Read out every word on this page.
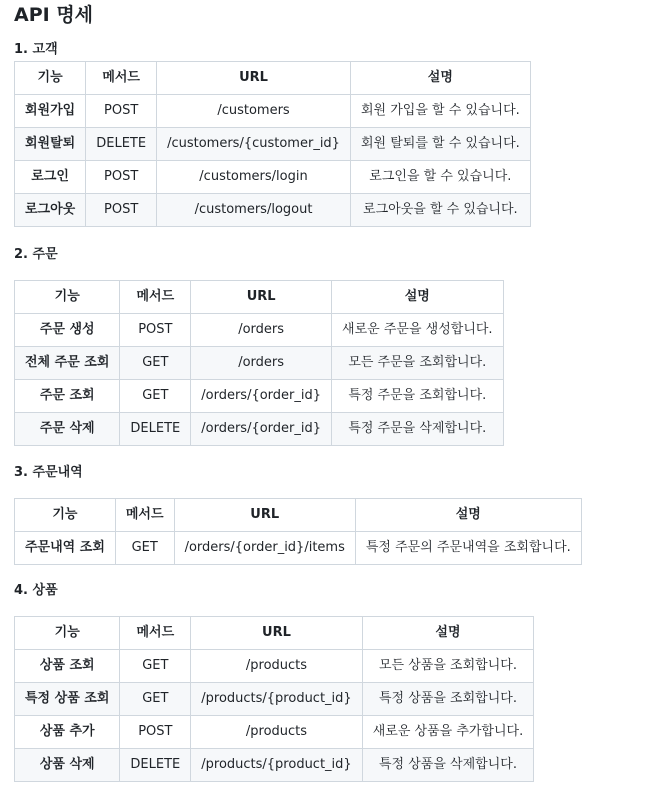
API 명세
1. 고객
기능	메서드	URL	설명
회원가입	POST	/customers	회원 가입을 할 수 있습니다.
회원탈퇴	DELETE	/customers/{customer_id}	회원 탈퇴를 할 수 있습니다.
로그인	POST	/customers/login	로그인을 할 수 있습니다.
로그아웃	POST	/customers/logout	로그아웃을 할 수 있습니다.
2. 주문
기능	메서드	URL	설명
주문 생성	POST	/orders	새로운 주문을 생성합니다.
전체 주문 조회	GET	/orders	모든 주문을 조회합니다.
주문 조회	GET	/orders/{order_id}	특정 주문을 조회합니다.
주문 삭제	DELETE	/orders/{order_id}	특정 주문을 삭제합니다.
3. 주문내역
기능	메서드	URL	설명
주문내역 조회	GET	/orders/{order_id}/items	특정 주문의 주문내역을 조회합니다.
4. 상품
기능	메서드	URL	설명
상품 조회	GET	/products	모든 상품을 조회합니다.
특정 상품 조회	GET	/products/{product_id}	특정 상품을 조회합니다.
상품 추가	POST	/products	새로운 상품을 추가합니다.
상품 삭제	DELETE	/products/{product_id}	특정 상품을 삭제합니다.
